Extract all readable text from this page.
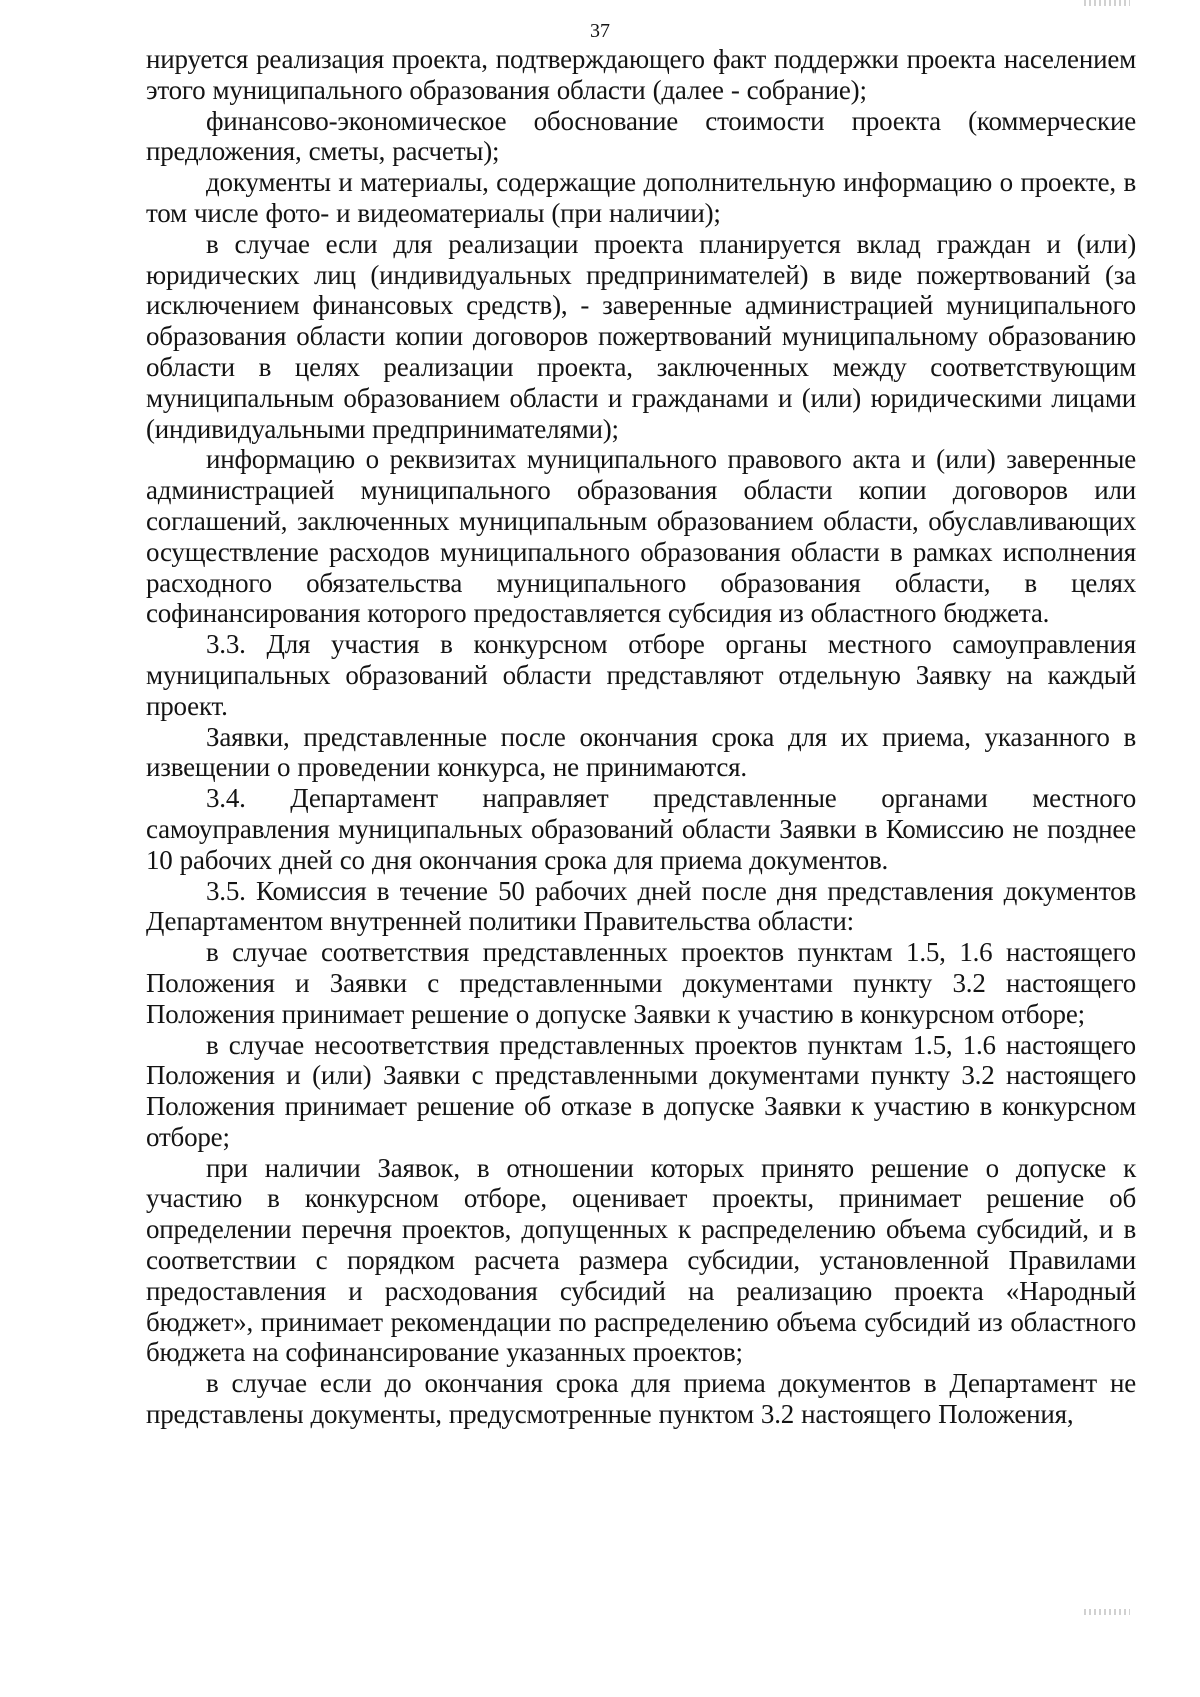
37

нируется реализация проекта, подтверждающего факт поддержки проекта населением этого муниципального образования области (далее - собрание);

финансово-экономическое обоснование стоимости проекта (коммерческие предложения, сметы, расчеты);

документы и материалы, содержащие дополнительную информацию о проекте, в том числе фото- и видеоматериалы (при наличии);

в случае если для реализации проекта планируется вклад граждан и (или) юридических лиц (индивидуальных предпринимателей) в виде пожертвований (за исключением финансовых средств), - заверенные администрацией муниципального образования области копии договоров пожертвований муниципальному образованию области в целях реализации проекта, заключенных между соответствующим муниципальным образованием области и гражданами и (или) юридическими лицами (индивидуальными предпринимателями);

информацию о реквизитах муниципального правового акта и (или) заверенные администрацией муниципального образования области копии договоров или соглашений, заключенных муниципальным образованием области, обуславливающих осуществление расходов муниципального образования области в рамках исполнения расходного обязательства муниципального образования области, в целях софинансирования которого предоставляется субсидия из областного бюджета.

3.3. Для участия в конкурсном отборе органы местного самоуправления муниципальных образований области представляют отдельную Заявку на каждый проект.

Заявки, представленные после окончания срока для их приема, указанного в извещении о проведении конкурса, не принимаются.

3.4. Департамент направляет представленные органами местного самоуправления муниципальных образований области Заявки в Комиссию не позднее 10 рабочих дней со дня окончания срока для приема документов.

3.5. Комиссия в течение 50 рабочих дней после дня представления документов Департаментом внутренней политики Правительства области:

в случае соответствия представленных проектов пунктам 1.5, 1.6 настоящего Положения и Заявки с представленными документами пункту 3.2 настоящего Положения принимает решение о допуске Заявки к участию в конкурсном отборе;

в случае несоответствия представленных проектов пунктам 1.5, 1.6 настоящего Положения и (или) Заявки с представленными документами пункту 3.2 настоящего Положения принимает решение об отказе в допуске Заявки к участию в конкурсном отборе;

при наличии Заявок, в отношении которых принято решение о допуске к участию в конкурсном отборе, оценивает проекты, принимает решение об определении перечня проектов, допущенных к распределению объема субсидий, и в соответствии с порядком расчета размера субсидии, установленной Правилами предоставления и расходования субсидий на реализацию проекта «Народный бюджет», принимает рекомендации по распределению объема субсидий из областного бюджета на софинансирование указанных проектов;

в случае если до окончания срока для приема документов в Департамент не представлены документы, предусмотренные пунктом 3.2 настоящего Положения,
